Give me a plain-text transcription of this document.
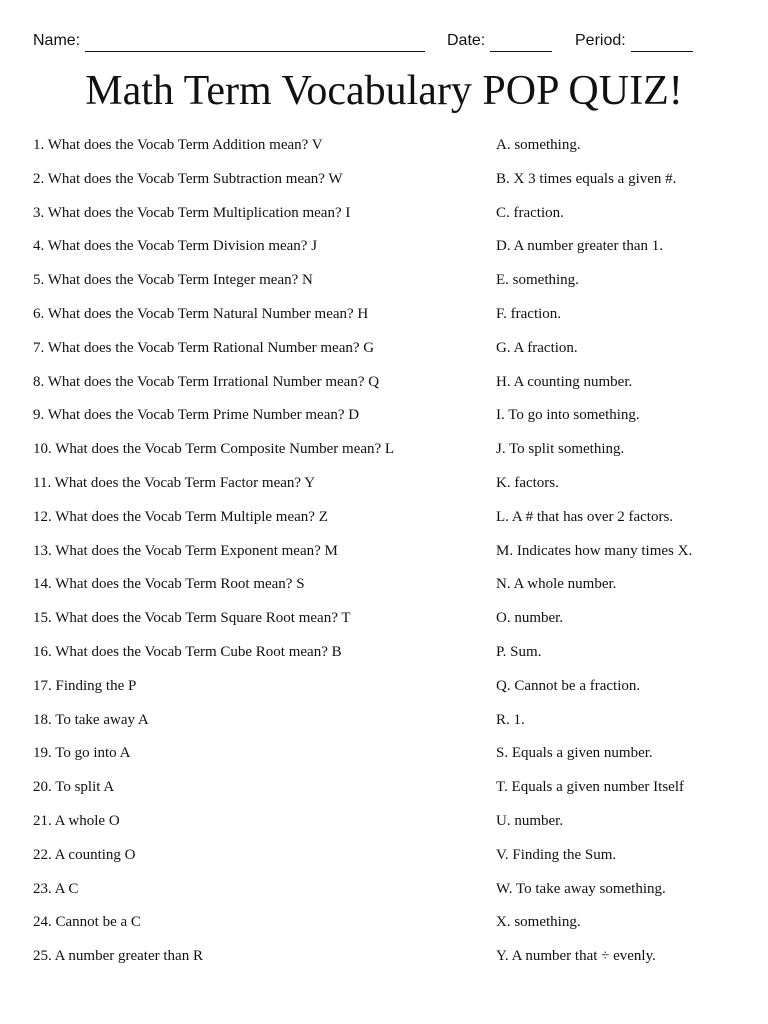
Name:	Date:	Period:
Math Term Vocabulary POP QUIZ!
1. What does the Vocab Term Addition mean? V
2. What does the Vocab Term Subtraction mean? W
3. What does the Vocab Term Multiplication mean? I
4. What does the Vocab Term Division mean? J
5. What does the Vocab Term Integer mean? N
6. What does the Vocab Term Natural Number mean? H
7. What does the Vocab Term Rational Number mean? G
8. What does the Vocab Term Irrational Number mean? Q
9. What does the Vocab Term Prime Number mean? D
10. What does the Vocab Term Composite Number mean? L
11. What does the Vocab Term Factor mean? Y
12. What does the Vocab Term Multiple mean? Z
13. What does the Vocab Term Exponent mean? M
14. What does the Vocab Term Root mean? S
15. What does the Vocab Term Square Root mean? T
16. What does the Vocab Term Cube Root mean? B
17. Finding the P
18. To take away A
19. To go into A
20. To split A
21. A whole O
22. A counting O
23. A C
24. Cannot be a C
25. A number greater than R
A. something.
B. X 3 times equals a given #.
C. fraction.
D. A number greater than 1.
E. something.
F. fraction.
G. A fraction.
H. A counting number.
I. To go into something.
J. To split something.
K. factors.
L. A # that has over 2 factors.
M. Indicates how many times X.
N. A whole number.
O. number.
P. Sum.
Q. Cannot be a fraction.
R. 1.
S. Equals a given number.
T. Equals a given number Itself
U. number.
V. Finding the Sum.
W. To take away something.
X. something.
Y. A number that ÷ evenly.
